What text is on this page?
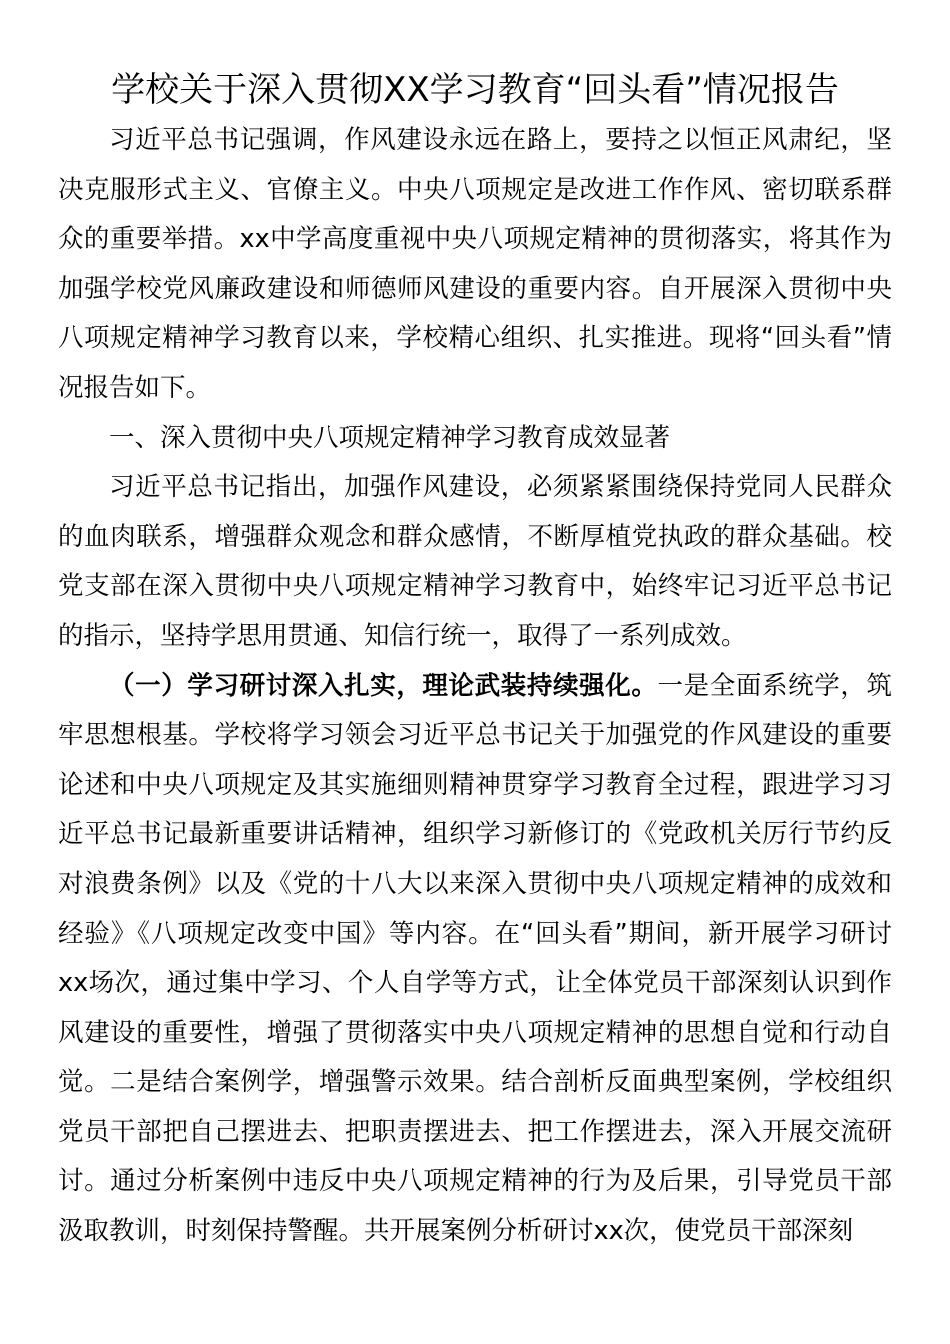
学校关于深入贯彻XX学习教育“回头看”情况报告

习近平总书记强调，作风建设永远在路上，要持之以恒正风肃纪，坚决克服形式主义、官僚主义。中央八项规定是改进工作作风、密切联系群众的重要举措。xx中学高度重视中央八项规定精神的贯彻落实，将其作为加强学校党风廉政建设和师德师风建设的重要内容。自开展深入贯彻中央八项规定精神学习教育以来，学校精心组织、扎实推进。现将“回头看”情况报告如下。

一、深入贯彻中央八项规定精神学习教育成效显著

习近平总书记指出，加强作风建设，必须紧紧围绕保持党同人民群众的血肉联系，增强群众观念和群众感情，不断厚植党执政的群众基础。校党支部在深入贯彻中央八项规定精神学习教育中，始终牢记习近平总书记的指示，坚持学思用贯通、知信行统一，取得了一系列成效。

（一）学习研讨深入扎实，理论武装持续强化。一是全面系统学，筑牢思想根基。学校将学习领会习近平总书记关于加强党的作风建设的重要论述和中央八项规定及其实施细则精神贯穿学习教育全过程，跟进学习习近平总书记最新重要讲话精神，组织学习新修订的《党政机关厉行节约反对浪费条例》以及《党的十八大以来深入贯彻中央八项规定精神的成效和经验》《八项规定改变中国》等内容。在“回头看”期间，新开展学习研讨xx场次，通过集中学习、个人自学等方式，让全体党员干部深刻认识到作风建设的重要性，增强了贯彻落实中央八项规定精神的思想自觉和行动自觉。二是结合案例学，增强警示效果。结合剖析反面典型案例，学校组织党员干部把自己摆进去、把职责摆进去、把工作摆进去，深入开展交流研讨。通过分析案例中违反中央八项规定精神的行为及后果，引导党员干部汲取教训，时刻保持警醒。共开展案例分析研讨xx次，使党员干部深刻
